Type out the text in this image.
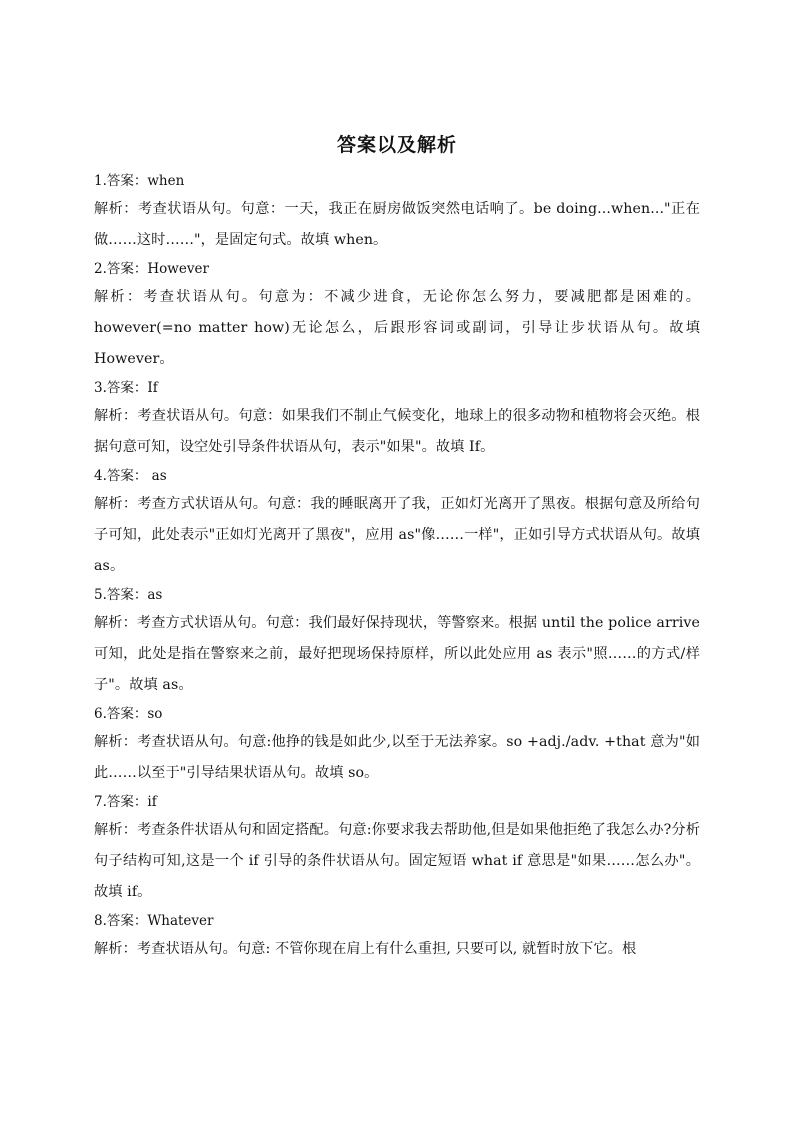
答案以及解析
1.答案：when
解析：考查状语从句。句意：一天，我正在厨房做饭突然电话响了。be doing...when..."正在做……这时……"，是固定句式。故填 when。
2.答案：However
解析：考查状语从句。句意为：不减少进食，无论你怎么努力，要减肥都是困难的。however(=no matter how)无论怎么，后跟形容词或副词，引导让步状语从句。故填 However。
3.答案：If
解析：考查状语从句。句意：如果我们不制止气候变化，地球上的很多动物和植物将会灭绝。根据句意可知，设空处引导条件状语从句，表示"如果"。故填 If。
4.答案： as
解析：考查方式状语从句。句意：我的睡眠离开了我，正如灯光离开了黑夜。根据句意及所给句子可知，此处表示"正如灯光离开了黑夜"，应用 as"像……一样"，正如引导方式状语从句。故填 as。
5.答案：as
解析：考查方式状语从句。句意：我们最好保持现状，等警察来。根据 until the police arrive 可知，此处是指在警察来之前，最好把现场保持原样，所以此处应用 as 表示"照……的方式/样子"。故填 as。
6.答案：so
解析：考查状语从句。句意:他挣的钱是如此少,以至于无法养家。so +adj./adv. +that 意为"如此……以至于"引导结果状语从句。故填 so。
7.答案：if
解析：考查条件状语从句和固定搭配。句意:你要求我去帮助他,但是如果他拒绝了我怎么办?分析句子结构可知,这是一个 if 引导的条件状语从句。固定短语 what if 意思是"如果……怎么办"。故填 if。
8.答案：Whatever
解析：考查状语从句。句意: 不管你现在肩上有什么重担, 只要可以, 就暂时放下它。根
